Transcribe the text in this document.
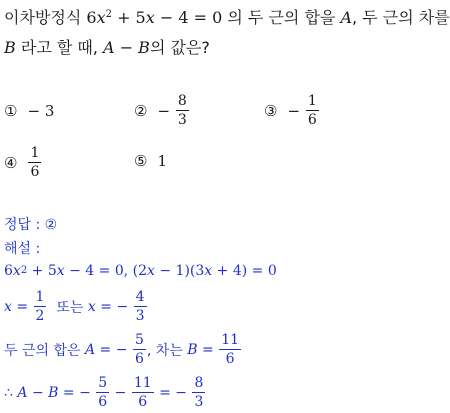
이차방정식 $6x^2 + 5x - 4 = 0$ 의 두 근의 합을 A, 두 근의 차를
B 라고 할 때, A − B의 값은?
① −
3	② −
$\frac{8}{3}$	③ −
$\frac{1}{6}$
④ $\frac{1}{6}$	⑤ 1
정답 : ②
해설 :
6 x 2
+ 5 x
− 4 = 0, (2 x
− 1)(3 x
+ 4) = 0
$x = \frac{1}{2}$
또는
x = −
$\frac{4}{3}$
두 근의 합은
A = −
$\frac{5}{6}$ , 차는
$B = \frac{11}{6}$
∴
A − B = −
$\frac{5}{6}$
−
$\frac{11}{6}$
= −
$\frac{8}{3}$
